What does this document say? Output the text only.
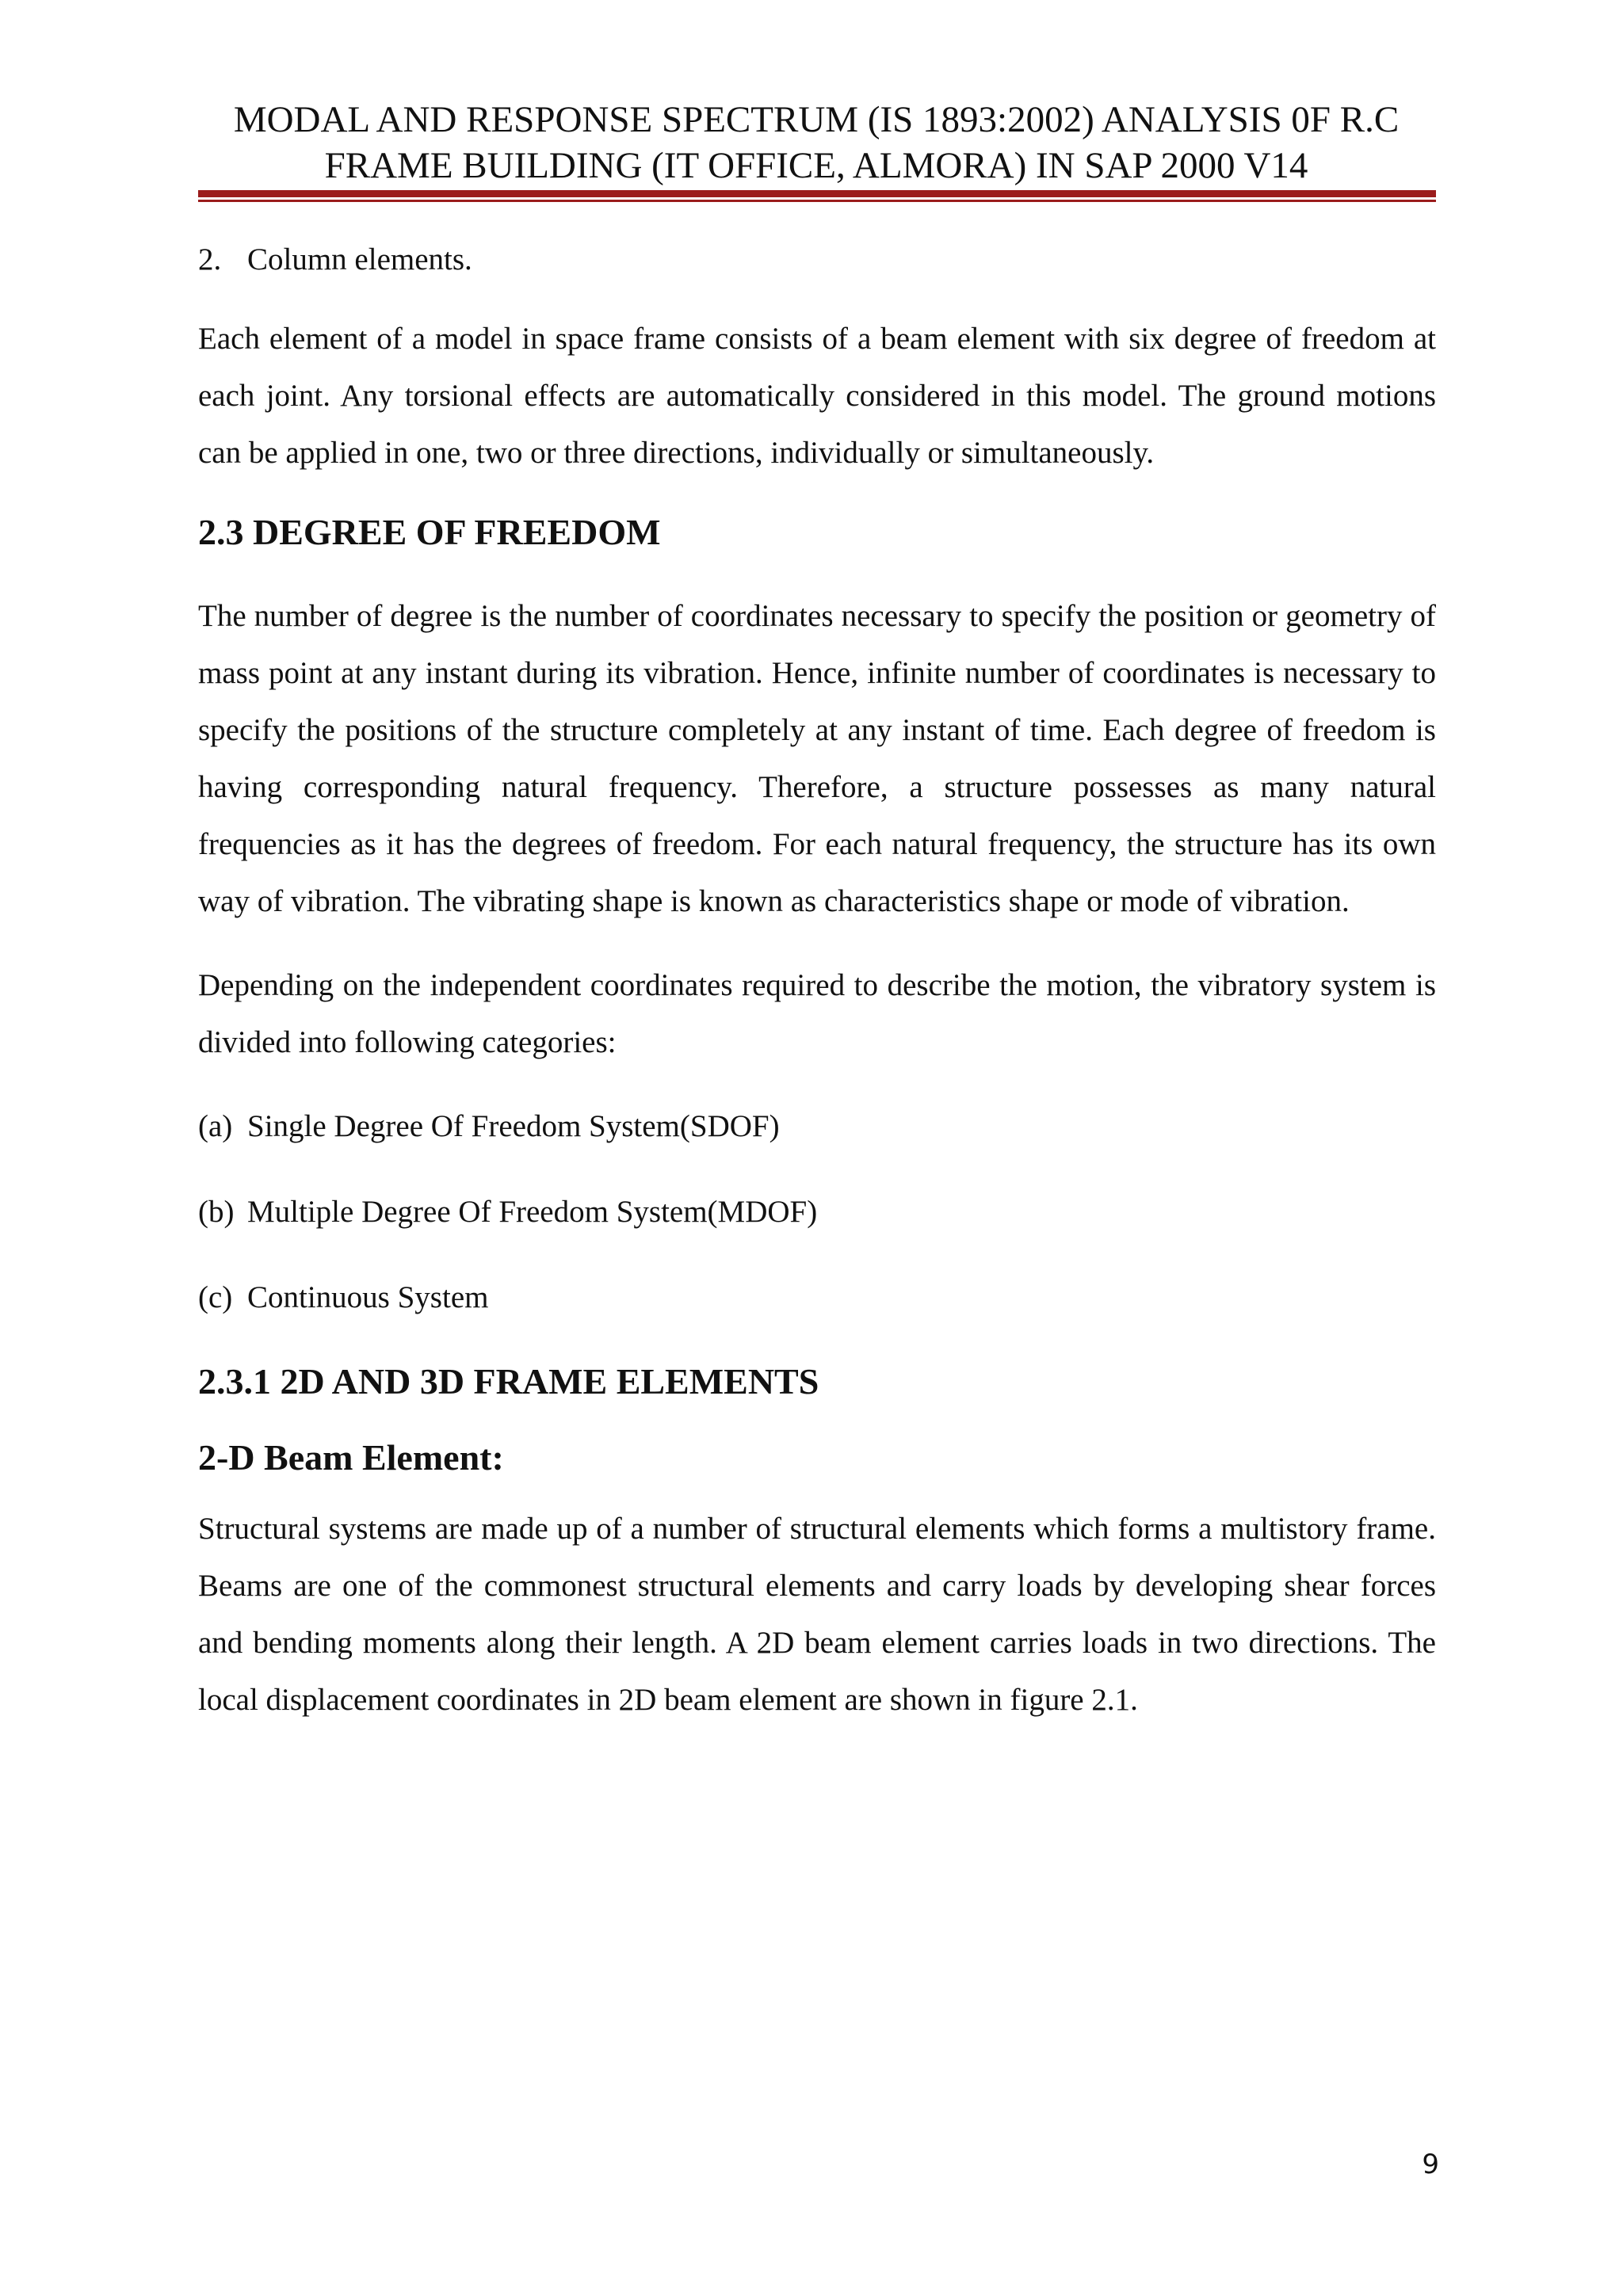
MODAL AND RESPONSE SPECTRUM (IS 1893:2002) ANALYSIS 0F R.C
FRAME BUILDING (IT OFFICE, ALMORA) IN SAP 2000 V14
2. Column elements.

Each element of a model in space frame consists of a beam element with six degree of freedom at each joint. Any torsional effects are automatically considered in this model. The ground motions can be applied in one, two or three directions, individually or simultaneously.

2.3 DEGREE OF FREEDOM

The number of degree is the number of coordinates necessary to specify the position or geometry of mass point at any instant during its vibration. Hence, infinite number of coordinates is necessary to specify the positions of the structure completely at any instant of time. Each degree of freedom is having corresponding natural frequency. Therefore, a structure possesses as many natural frequencies as it has the degrees of freedom. For each natural frequency, the structure has its own way of vibration. The vibrating shape is known as characteristics shape or mode of vibration.

Depending on the independent coordinates required to describe the motion, the vibratory system is divided into following categories:

(a) Single Degree Of Freedom System(SDOF)
(b) Multiple Degree Of Freedom System(MDOF)
(c) Continuous System
2.3.1 2D AND 3D FRAME ELEMENTS
2-D Beam Element:

Structural systems are made up of a number of structural elements which forms a multistory frame. Beams are one of the commonest structural elements and carry loads by developing shear forces and bending moments along their length. A 2D beam element carries loads in two directions. The local displacement coordinates in 2D beam element are shown in figure 2.1.

9
